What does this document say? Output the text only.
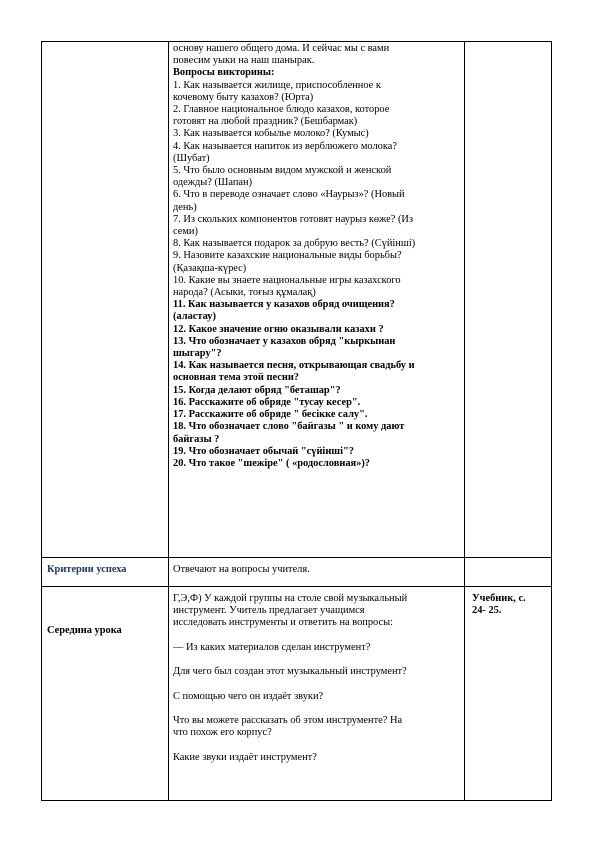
основу нашего общего дома. И сейчас мы с вами

повесим уыки на наш шанырак.

Вопросы викторины:

1. Как называется жилище, приспособленное к

кочевому быту казахов? (Юрта)

2. Главное национальное блюдо казахов, которое

готовят на любой праздник? (Бешбармак)

3. Как называется кобылье молоко? (Кумыс)

4. Как называется напиток из верблюжего молока?

(Шубат)

5. Что было основным видом мужской и женской

одежды? (Шапан)

6. Что в переводе означает слово «Наурыз»? (Новый

день)

7. Из скольких компонентов готовят наурыз көже? (Из

семи)

8. Как называется подарок за добрую весть? (Сүйінші)

9. Назовите казахские национальные виды борьбы?

(Қазақша-күрес)

10. Какие вы знаете национальные игры казахского

народа? (Асыки, тоғыз құмалақ)

11. Как называется у казахов обряд очищения?

(аластау)

12. Какое значение огню оказывали казахи ?

13. Что обозначает у казахов обряд "кыркынан

шыгару"?

14. Как называется песня, открывающая свадьбу и

основная тема этой песни?

15. Когда делают обряд "беташар"?

16. Расскажите об обряде "тусау кесер".

17. Расскажите об обряде " бесікке салу".

18. Что обозначает слово "байгазы " и кому дают

байгазы ?

19. Что обозначает обычай "сүйінші"?

20. Что такое "шежіре" ( «родословная»)?

Критерии успеха	Отвечают на вопросы учителя.
Середина урока

Г,Э,Ф) У каждой группы на столе свой музыкальный

инструмент. Учитель предлагает учащимся

исследовать инструменты и ответить на вопросы:

— Из каких материалов сделан инструмент?

Для чего был создан этот музыкальный инструмент?

С помощью чего он издаёт звуки?

Что вы можете рассказать об этом инструменте? На

что похож его корпус?

Какие звуки издаёт инструмент?

Учебник, с.

24- 25.
